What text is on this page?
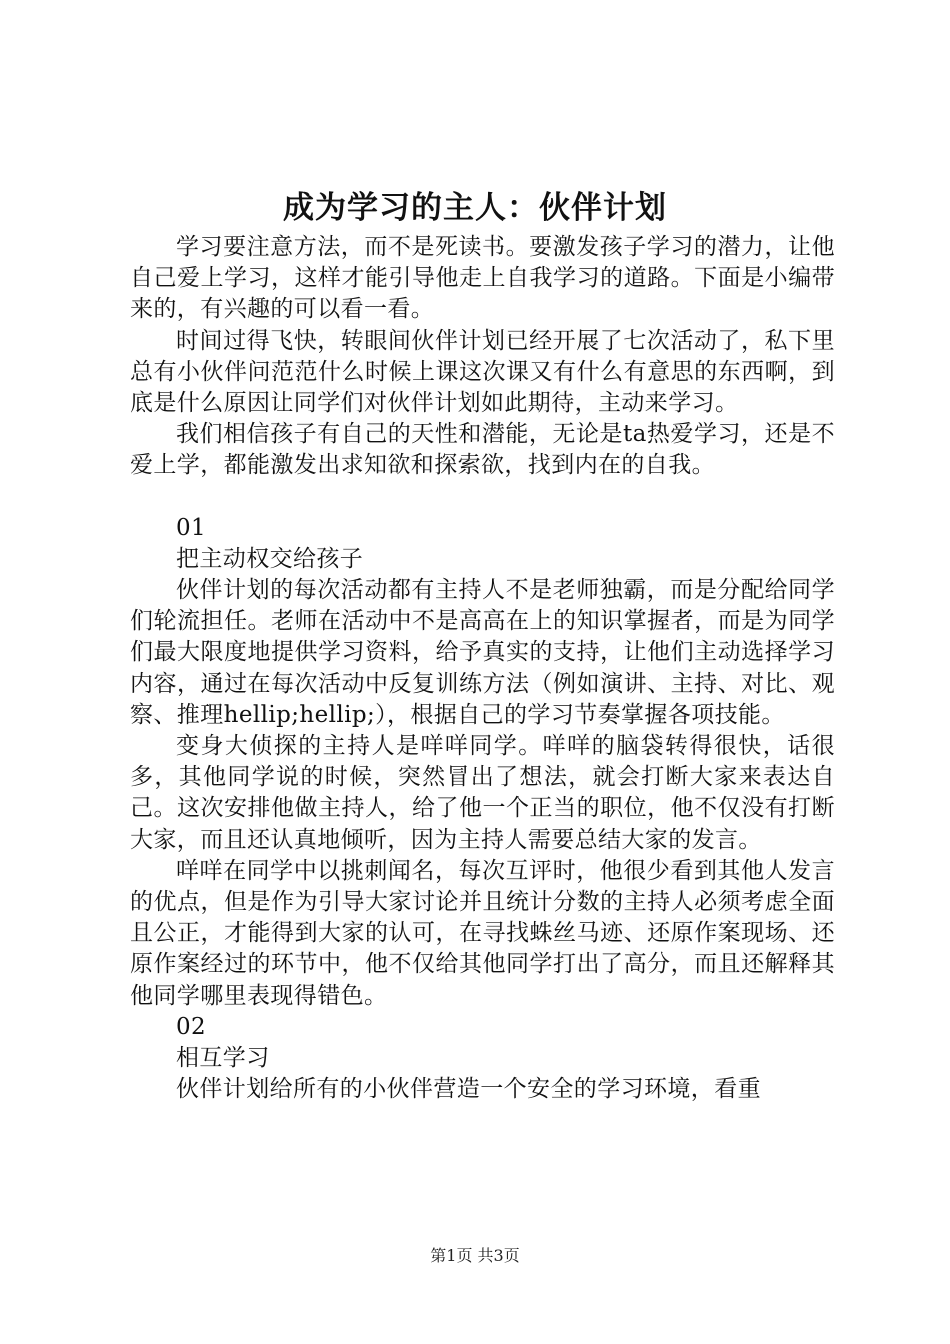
成为学习的主人：伙伴计划

学习要注意方法，而不是死读书。要激发孩子学习的潜力，让他自己爱上学习，这样才能引导他走上自我学习的道路。下面是小编带来的，有兴趣的可以看一看。

时间过得飞快，转眼间伙伴计划已经开展了七次活动了，私下里总有小伙伴问范范什么时候上课这次课又有什么有意思的东西啊，到底是什么原因让同学们对伙伴计划如此期待，主动来学习。

我们相信孩子有自己的天性和潜能，无论是ta热爱学习，还是不爱上学，都能激发出求知欲和探索欲，找到内在的自我。

01

把主动权交给孩子

伙伴计划的每次活动都有主持人不是老师独霸，而是分配给同学们轮流担任。老师在活动中不是高高在上的知识掌握者，而是为同学们最大限度地提供学习资料，给予真实的支持，让他们主动选择学习内容，通过在每次活动中反复训练方法（例如演讲、主持、对比、观察、推理hellip;hellip;），根据自己的学习节奏掌握各项技能。

变身大侦探的主持人是咩咩同学。咩咩的脑袋转得很快，话很多，其他同学说的时候，突然冒出了想法，就会打断大家来表达自己。这次安排他做主持人，给了他一个正当的职位，他不仅没有打断大家，而且还认真地倾听，因为主持人需要总结大家的发言。

咩咩在同学中以挑刺闻名，每次互评时，他很少看到其他人发言的优点，但是作为引导大家讨论并且统计分数的主持人必须考虑全面且公正，才能得到大家的认可，在寻找蛛丝马迹、还原作案现场、还原作案经过的环节中，他不仅给其他同学打出了高分，而且还解释其他同学哪里表现得错色。

02

相互学习

伙伴计划给所有的小伙伴营造一个安全的学习环境，看重

第1页 共3页
